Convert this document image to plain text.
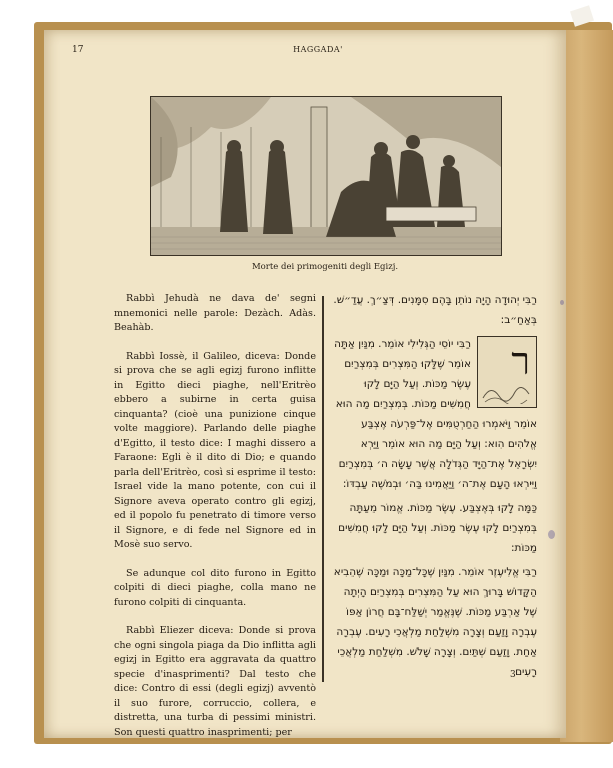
17	HAGGADA'
Morte dei primogeniti degli Egizj.

Rabbì Jehudà ne dava de' segni mnemonici nelle parole: Dezàch. Adàs. Beahàb.

Rabbì Iossè, il Galileo, diceva: Donde si prova che se agli egizj furono inflitte in Egitto dieci piaghe, nell'Eritrèo ebbero a subirne in certa guisa cinquanta? (cioè una punizione cinque volte maggiore). Parlando delle piaghe d'Egitto, il testo dice: I maghi dissero a Faraone: Egli è il dito di Dio; e quando parla dell'Eritrèo, così si esprime il testo: Israel vide la mano potente, con cui il Signore aveva operato contro gli egizj, ed il popolo fu penetrato di timore verso il Signore, e di fede nel Signore ed in Mosè suo servo.

Se adunque col dito furono in Egitto colpiti di dieci piaghe, colla mano ne furono colpiti di cinquanta.

Rabbì Eliezer diceva: Donde si prova che ogni singola piaga da Dio inflitta agli egizj in Egitto era aggravata da quattro specie d'inasprimenti? Dal testo che dice: Contro di essi (degli egizj) avventò il suo furore, corruccio, collera, e distretta, una turba di pessimi ministri. Son questi quattro inasprimenti; per

רַבִּי יְהוּדָה הָיָה נוֹתֵן בָּהֶם סִמָּנִים. דְּצַ״ךְ. עֲדַ״שׁ. בְּאַחַ״ב:

ר

רַבִּי יוֹסֵי הַגְּלִילִי אוֹמֵר. מִנַּיִן אַתָּה אוֹמֵר שֶׁלָּקוּ הַמִּצְרִים בְּמִצְרַיִם עֶשֶׂר מַכּוֹת. וְעַל הַיָּם לָקוּ חֲמִשִּׁים מַכּוֹת. בְּמִצְרַיִם מַה הוּא אוֹמֵר וַיֹּאמְרוּ הַחַרְטֻמִּים אֶל־פַּרְעֹה אֶצְבַּע אֱלֹהִים הִוא: וְעַל הַיָּם מַה הוּא אוֹמֵר וַיַּרְא יִשְׂרָאֵל אֶת־הַיָּד הַגְּדֹלָה אֲשֶׁר עָשָׂה ה׳ בְּמִצְרַיִם וַיִּירְאוּ הָעָם אֶת־ה׳ וַיַּאֲמִינוּ בַּה׳ וּבְמֹשֶׁה עַבְדּוֹ:

כַּמָּה לָקוּ בְּאֶצְבַּע. עֶשֶׂר מַכּוֹת. אֱמוֹר מֵעַתָּה בְּמִצְרַיִם לָקוּ עֶשֶׂר מַכּוֹת. וְעַל הַיָּם לָקוּ חֲמִשִּׁים מַכּוֹת:

רַבִּי אֱלִיעֶזֶר אוֹמֵר. מִנַּיִן שֶׁכָּל־מַכָּה וּמַכָּה שֶׁהֵבִיא הַקָּדוֹשׁ בָּרוּךְ הוּא עַל הַמִּצְרִים בְּמִצְרַיִם הָיְתָה שֶׁל אַרְבַּע מַכּוֹת. שֶׁנֶּאֱמַר יְשַׁלַּח־בָּם חֲרוֹן אַפּוֹ עֶבְרָה וָזַעַם וְצָרָה מִשְׁלַחַת מַלְאֲכֵי רָעִים. עֶבְרָה אַחַת. וָזַעַם שְׁתַּיִם. וְצָרָה שָׁלֹשׁ. מִשְׁלַחַת מַלְאֲכֵי רָעִים

3
